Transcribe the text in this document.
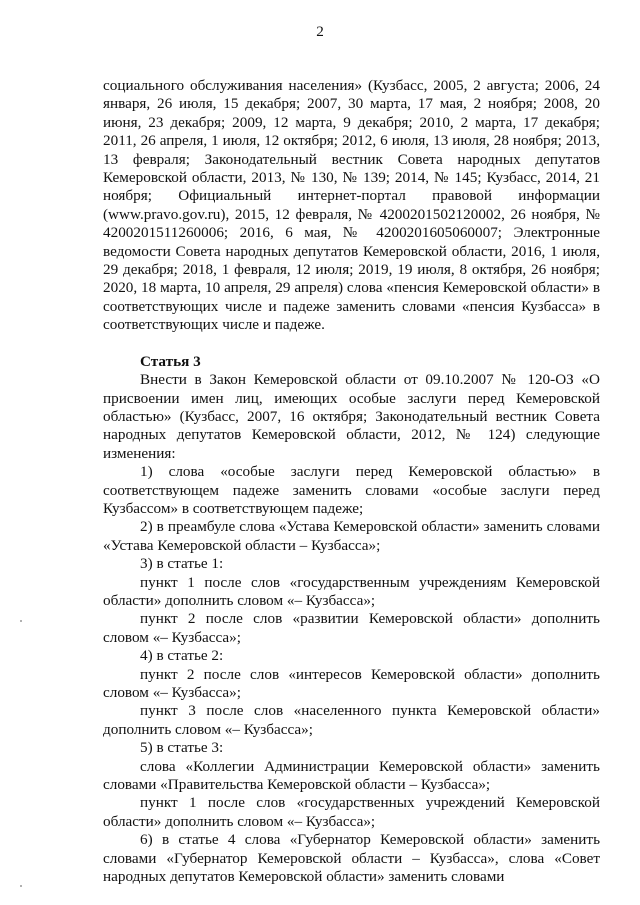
2

социального обслуживания населения» (Кузбасс, 2005, 2 августа; 2006, 24 января, 26 июля, 15 декабря; 2007, 30 марта, 17 мая, 2 ноября; 2008, 20 июня, 23 декабря; 2009, 12 марта, 9 декабря; 2010, 2 марта, 17 декабря; 2011, 26 апреля, 1 июля, 12 октября; 2012, 6 июля, 13 июля, 28 ноября; 2013, 13 февраля; Законодательный вестник Совета народных депутатов Кемеровской области, 2013, № 130, № 139; 2014, № 145; Кузбасс, 2014, 21 ноября; Официальный интернет-портал правовой информации (www.pravo.gov.ru), 2015, 12 февраля, № 4200201502120002, 26 ноября, № 4200201511260006; 2016, 6 мая, № 4200201605060007; Электронные ведомости Совета народных депутатов Кемеровской области, 2016, 1 июля, 29 декабря; 2018, 1 февраля, 12 июля; 2019, 19 июля, 8 октября, 26 ноября; 2020, 18 марта, 10 апреля, 29 апреля) слова «пенсия Кемеровской области» в соответствующих числе и падеже заменить словами «пенсия Кузбасса» в соответствующих числе и падеже.

Статья 3

Внести в Закон Кемеровской области от 09.10.2007 № 120-ОЗ «О присвоении имен лиц, имеющих особые заслуги перед Кемеровской областью» (Кузбасс, 2007, 16 октября; Законодательный вестник Совета народных депутатов Кемеровской области, 2012, № 124) следующие изменения:

1) слова «особые заслуги перед Кемеровской областью» в соответствующем падеже заменить словами «особые заслуги перед Кузбассом» в соответствующем падеже;

2) в преамбуле слова «Устава Кемеровской области» заменить словами «Устава Кемеровской области – Кузбасса»;

3) в статье 1:

пункт 1 после слов «государственным учреждениям Кемеровской области» дополнить словом «– Кузбасса»;

пункт 2 после слов «развитии Кемеровской области» дополнить словом «– Кузбасса»;

4) в статье 2:

пункт 2 после слов «интересов Кемеровской области» дополнить словом «– Кузбасса»;

пункт 3 после слов «населенного пункта Кемеровской области» дополнить словом «– Кузбасса»;

5) в статье 3:

слова «Коллегии Администрации Кемеровской области» заменить словами «Правительства Кемеровской области – Кузбасса»;

пункт 1 после слов «государственных учреждений Кемеровской области» дополнить словом «– Кузбасса»;

6) в статье 4 слова «Губернатор Кемеровской области» заменить словами «Губернатор Кемеровской области – Кузбасса», слова «Совет народных депутатов Кемеровской области» заменить словами
